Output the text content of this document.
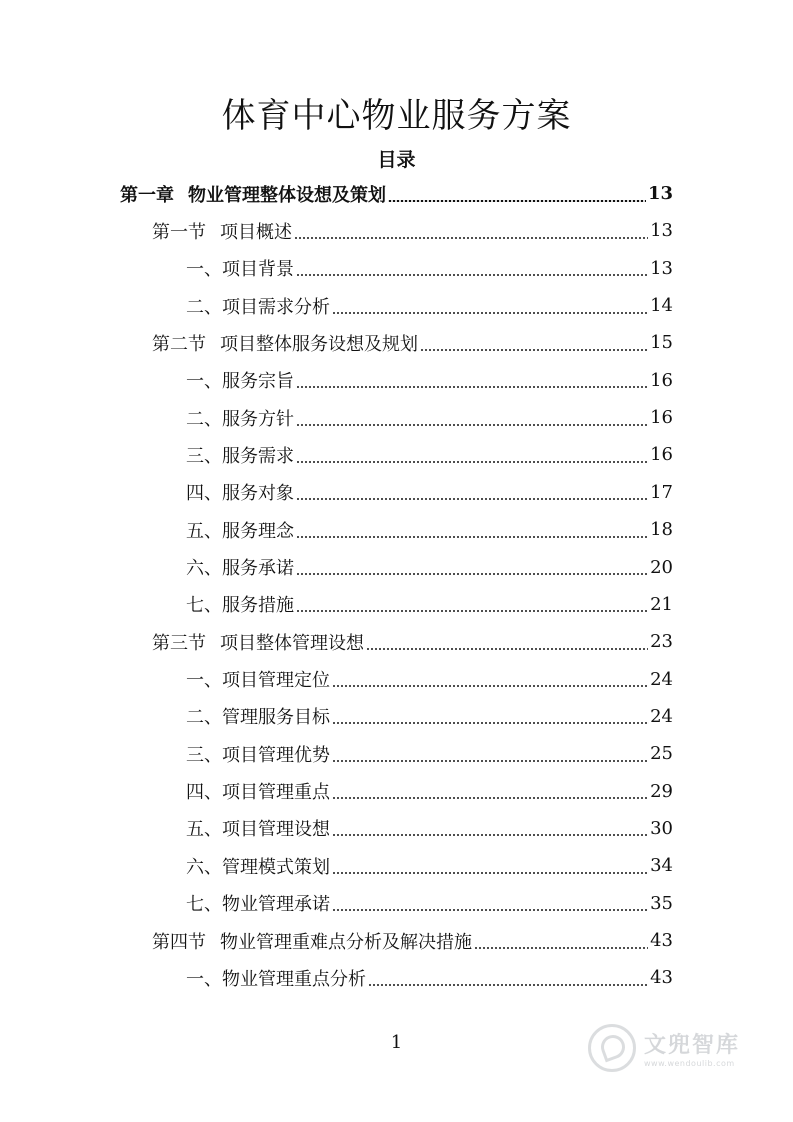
体育中心物业服务方案
目录
第一章 物业管理整体设想及策划	13
第一节 项目概述	13
一、 项目背景	13
二、 项目需求分析	14
第二节 项目整体服务设想及规划	15
一、 服务宗旨	16
二、 服务方针	16
三、 服务需求	16
四、 服务对象	17
五、 服务理念	18
六、 服务承诺	20
七、 服务措施	21
第三节 项目整体管理设想	23
一、 项目管理定位	24
二、 管理服务目标	24
三、 项目管理优势	25
四、 项目管理重点	29
五、 项目管理设想	30
六、 管理模式策划	34
七、 物业管理承诺	35
第四节 物业管理重难点分析及解决措施	43
一、 物业管理重点分析	43
1	文兜智库
www.wendoulib.com
